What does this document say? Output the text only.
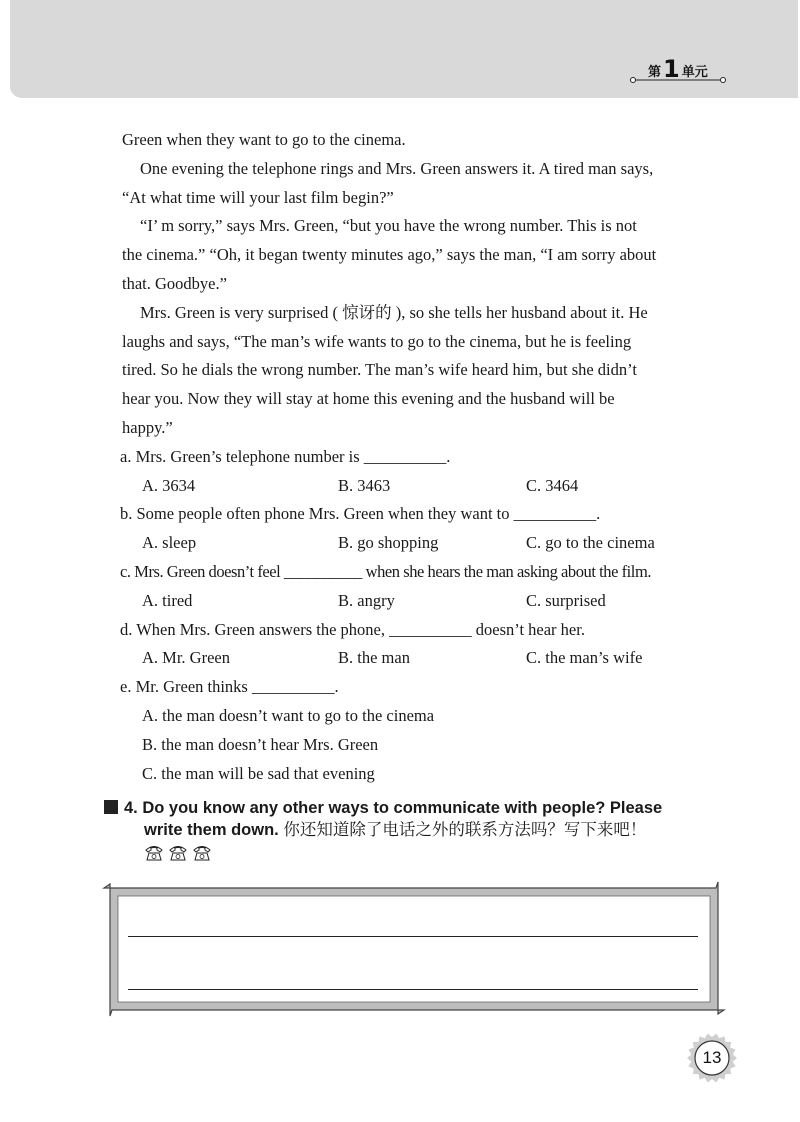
第 1 单元

Green when they want to go to the cinema.

One evening the telephone rings and Mrs. Green answers it. A tired man says,

“At what time will your last film begin?”

“I’ m sorry,” says Mrs. Green, “but you have the wrong number. This is not

the cinema.” “Oh, it began twenty minutes ago,” says the man, “I am sorry about

that. Goodbye.”

Mrs. Green is very surprised ( 惊讶的 ), so she tells her husband about it. He

laughs and says, “The man’s wife wants to go to the cinema, but he is feeling

tired. So he dials the wrong number. The man’s wife heard him, but she didn’t

hear you. Now they will stay at home this evening and the husband will be

happy.”

a. Mrs. Green’s telephone number is __________.

A. 3634	B. 3463	C. 3464

b. Some people often phone Mrs. Green when they want to __________.

A. sleep	B. go shopping	C. go to the cinema

c. Mrs. Green doesn’t feel __________ when she hears the man asking about the film.

A. tired	B. angry	C. surprised

d. When Mrs. Green answers the phone, __________ doesn’t hear her.

A. Mr. Green	B. the man	C. the man’s wife

e. Mr. Green thinks __________.

A. the man doesn’t want to go to the cinema

B. the man doesn’t hear Mrs. Green

C. the man will be sad that evening

4. Do you know any other ways to communicate with people? Please
write them down. 你还知道除了电话之外的联系方法吗？写下来吧！
13
